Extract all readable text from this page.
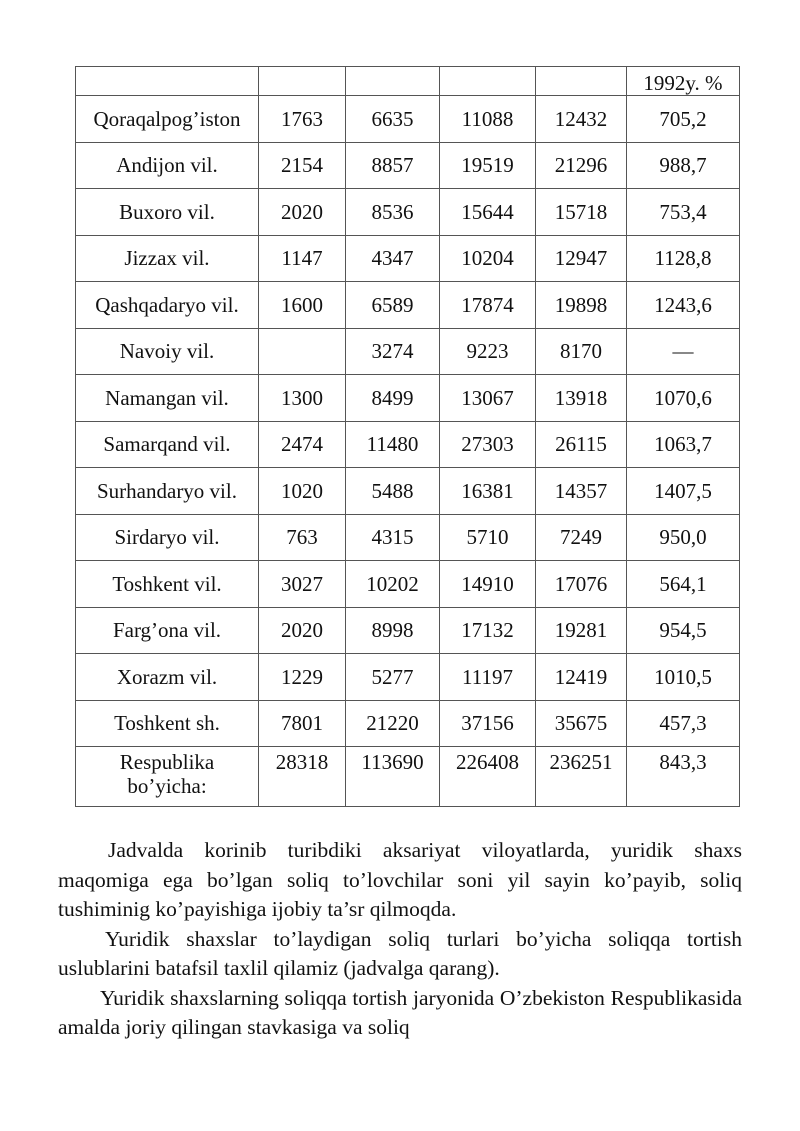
					1992y. %
Qoraqalpog’iston	1763	6635	11088	12432	705,2
Andijon vil.	2154	8857	19519	21296	988,7
Buxoro vil.	2020	8536	15644	15718	753,4
Jizzax vil.	1147	4347	10204	12947	1128,8
Qashqadaryo vil.	1600	6589	17874	19898	1243,6
Navoiy vil.		3274	9223	8170	—
Namangan vil.	1300	8499	13067	13918	1070,6
Samarqand vil.	2474	11480	27303	26115	1063,7
Surhandaryo vil.	1020	5488	16381	14357	1407,5
Sirdaryo vil.	763	4315	5710	7249	950,0
Toshkent vil.	3027	10202	14910	17076	564,1
Farg’ona vil.	2020	8998	17132	19281	954,5
Xorazm vil.	1229	5277	11197	12419	1010,5
Toshkent sh.	7801	21220	37156	35675	457,3

Respublika
bo’yicha:	28318	113690	226408	236251	843,3

Jadvalda korinib turibdiki aksariyat viloyatlarda, yuridik shaxs maqomiga ega bo’lgan soliq to’lovchilar soni yil sayin ko’payib, soliq tushiminig ko’payishiga ijobiy ta’sr qilmoqda.

Yuridik shaxslar to’laydigan soliq turlari bo’yicha soliqqa tortish uslublarini batafsil taxlil qilamiz (jadvalga qarang).

Yuridik shaxslarning soliqqa tortish jaryonida O’zbekiston Respublikasida amalda joriy qilingan stavkasiga va soliq
